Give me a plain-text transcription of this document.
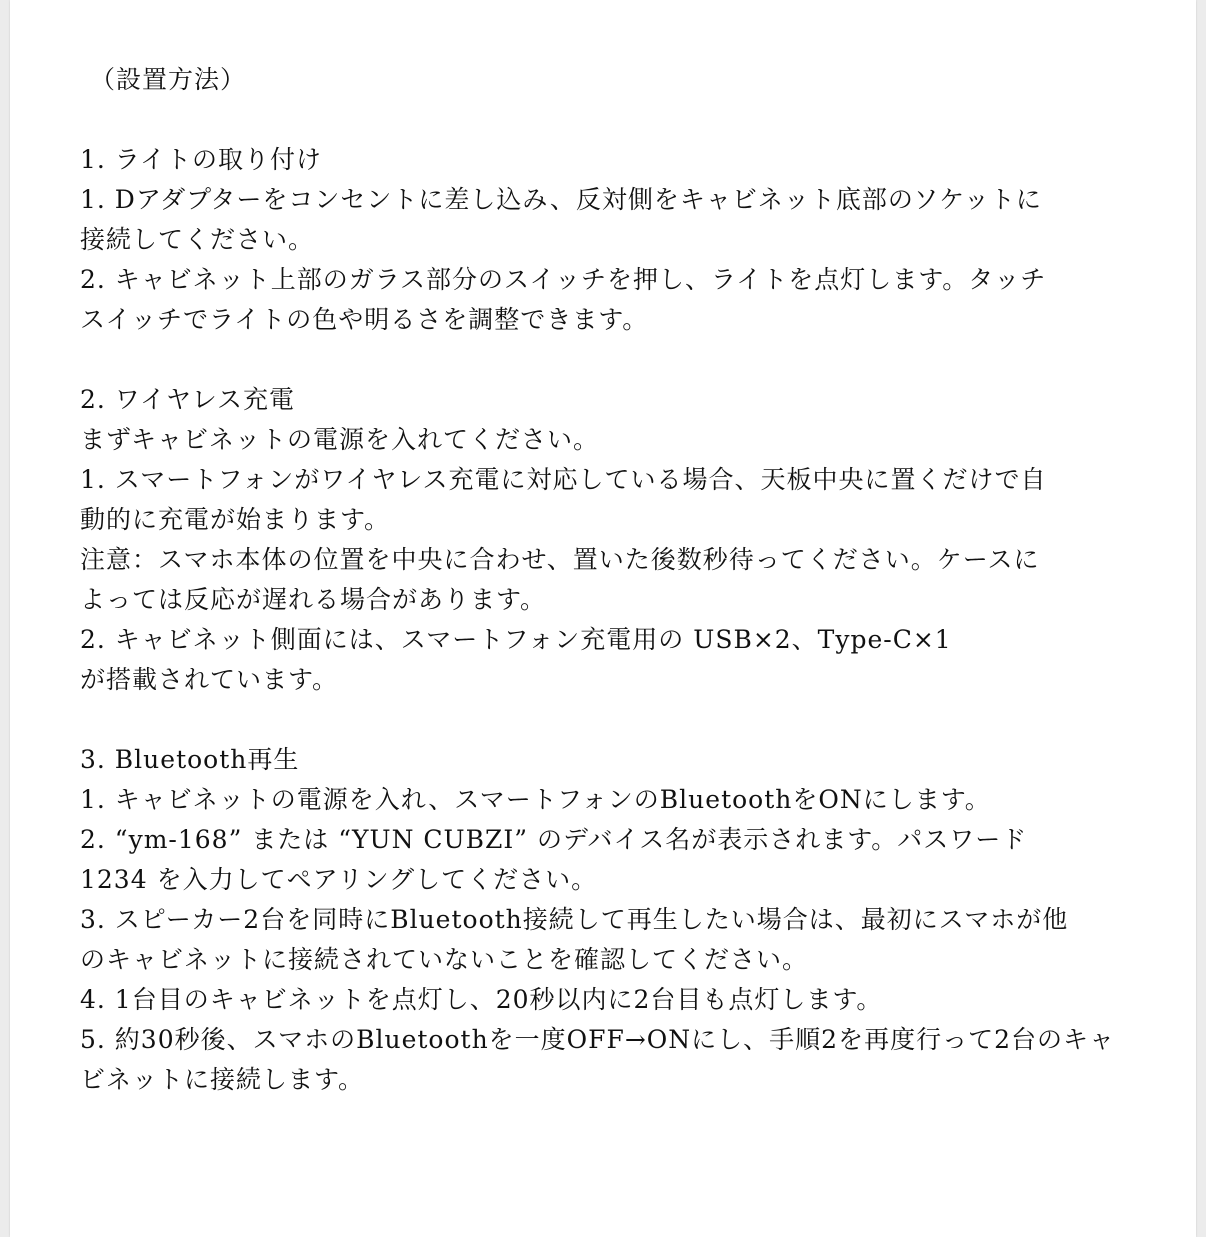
（設置方法）
1. ライトの取り付け
1. Dアダプターをコンセントに差し込み、反対側をキャビネット底部のソケットに
接続してください。
2. キャビネット上部のガラス部分のスイッチを押し、ライトを点灯します。タッチ
スイッチでライトの色や明るさを調整できます。
2. ワイヤレス充電
まずキャビネットの電源を入れてください。
1. スマートフォンがワイヤレス充電に対応している場合、天板中央に置くだけで自
動的に充電が始まります。
注意：スマホ本体の位置を中央に合わせ、置いた後数秒待ってください。ケースに
よっては反応が遅れる場合があります。
2. キャビネット側面には、スマートフォン充電用の USB×2、Type-C×1
が搭載されています。
3. Bluetooth再生
1. キャビネットの電源を入れ、スマートフォンのBluetoothをONにします。
2. “ym-168” または “YUN CUBZI” のデバイス名が表示されます。パスワード
1234 を入力してペアリングしてください。
3. スピーカー2台を同時にBluetooth接続して再生したい場合は、最初にスマホが他
のキャビネットに接続されていないことを確認してください。
4. 1台目のキャビネットを点灯し、20秒以内に2台目も点灯します。
5. 約30秒後、スマホのBluetoothを一度OFF→ONにし、手順2を再度行って2台のキャ
ビネットに接続します。
